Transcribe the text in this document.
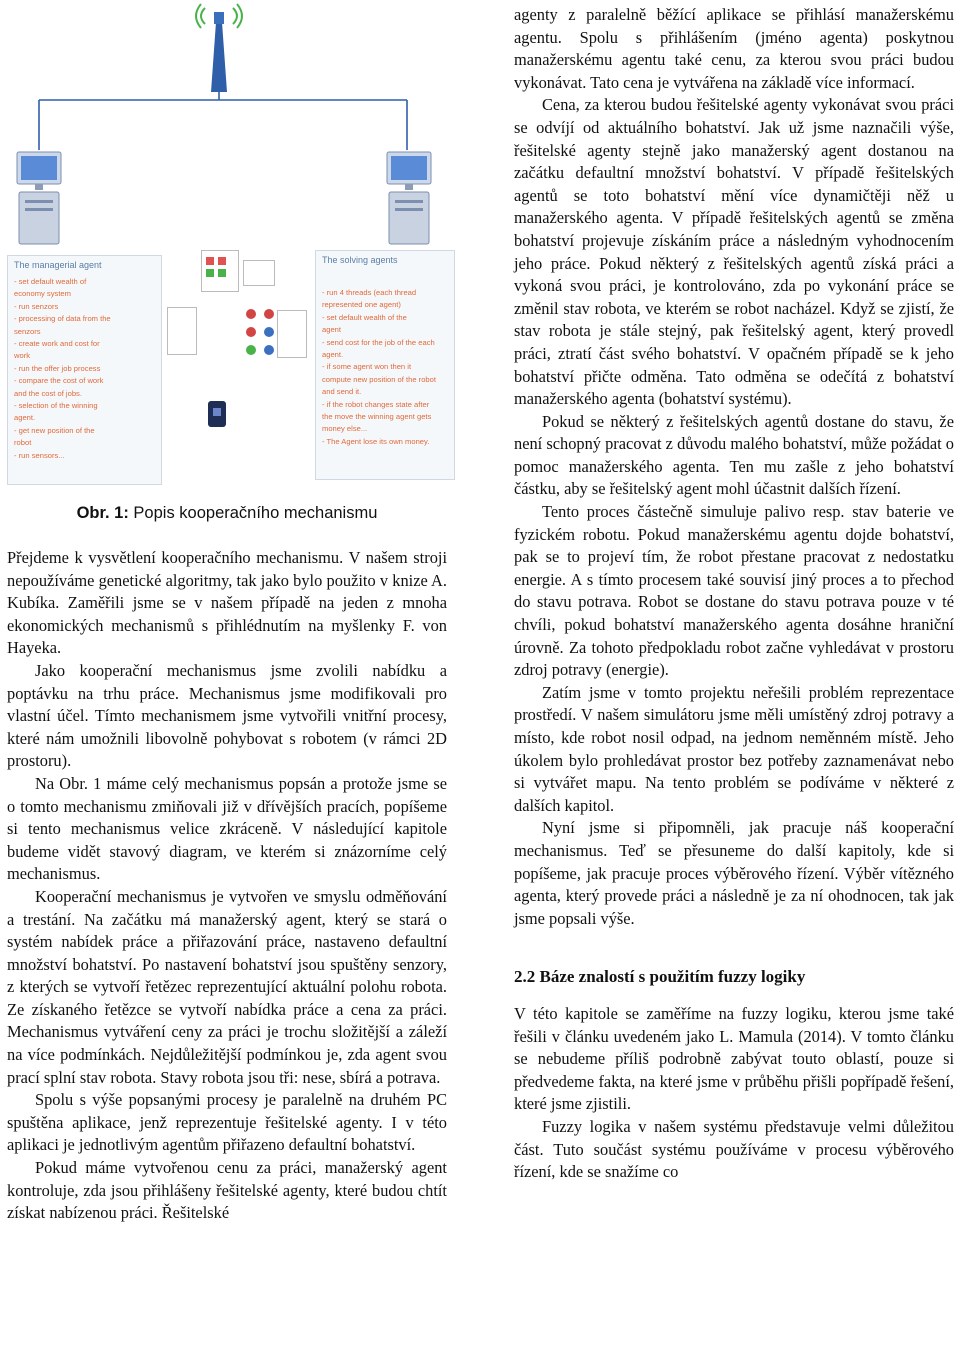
The managerial agent
- set default wealth of
economy system
- run senzors
- processing of data from the
senzors
- create work and cost for
work
- run the offer job process
- compare the cost of work
and the cost of jobs.
- selection of the winning
agent.
- get new position of the
robot
- run sensors...
The solving agents
- run 4 threads (each thread
represented one agent)
- set default wealth of the
agent
- send cost for the job of the each
agent.
- if some agent won then it
compute new position of the robot
and send it.
- if the robot changes state after
the move the winning agent gets
money else...
- The Agent lose its own money.
Obr. 1: Popis kooperačního mechanismu

Přejdeme k vysvětlení kooperačního mechanismu. V našem stroji nepoužíváme genetické algoritmy, tak jako bylo použito v knize A. Kubíka. Zaměřili jsme se v našem případě na jeden z mnoha ekonomických mechanismů s přihlédnutím na myšlenky F. von Hayeka.

Jako kooperační mechanismus jsme zvolili nabídku a poptávku na trhu práce. Mechanismus jsme modifikovali pro vlastní účel. Tímto mechanismem jsme vytvořili vnitřní procesy, které nám umožnili libovolně pohybovat s robotem (v rámci 2D prostoru).

Na Obr. 1 máme celý mechanismus popsán a protože jsme se o tomto mechanismu zmiňovali již v dřívějších pracích, popíšeme si tento mechanismus velice zkráceně. V následující kapitole budeme vidět stavový diagram, ve kterém si znázorníme celý mechanismus.

Kooperační mechanismus je vytvořen ve smyslu odměňování a trestání. Na začátku má manažerský agent, který se stará o systém nabídek práce a přiřazování práce, nastaveno defaultní množství bohatství. Po nastavení bohatství jsou spuštěny senzory, z kterých se vytvoří řetězec reprezentující aktuální polohu robota. Ze získaného řetězce se vytvoří nabídka práce a cena za práci. Mechanismus vytváření ceny za práci je trochu složitější a záleží na více podmínkách. Nejdůležitější podmínkou je, zda agent svou prací splní stav robota. Stavy robota jsou tři: nese, sbírá a potrava.

Spolu s výše popsanými procesy je paralelně na druhém PC spuštěna aplikace, jenž reprezentuje řešitelské agenty. I v této aplikaci je jednotlivým agentům přiřazeno defaultní bohatství.

Pokud máme vytvořenou cenu za práci, manažerský agent kontroluje, zda jsou přihlášeny řešitelské agenty, které budou chtít získat nabízenou práci. Řešitelské

agenty z paralelně běžící aplikace se přihlásí manažerskému agentu. Spolu s přihlášením (jméno agenta) poskytnou manažerskému agentu také cenu, za kterou svou práci budou vykonávat. Tato cena je vytvářena na základě více informací.

Cena, za kterou budou řešitelské agenty vykonávat svou práci se odvíjí od aktuálního bohatství. Jak už jsme naznačili výše, řešitelské agenty stejně jako manažerský agent dostanou na začátku defaultní množství bohatství. V případě řešitelských agentů se toto bohatství mění více dynamičtěji něž u manažerského agenta. V případě řešitelských agentů se změna bohatství projevuje získáním práce a následným vyhodnocením jeho práce. Pokud některý z řešitelských agentů získá práci a vykoná svou práci, je kontrolováno, zda po vykonání práce se změnil stav robota, ve kterém se robot nacházel. Když se zjistí, že stav robota je stále stejný, pak řešitelský agent, který provedl práci, ztratí část svého bohatství. V opačném případě se k jeho bohatství přičte odměna. Tato odměna se odečítá z bohatství manažerského agenta (bohatství systému).

Pokud se některý z řešitelských agentů dostane do stavu, že není schopný pracovat z důvodu malého bohatství, může požádat o pomoc manažerského agenta. Ten mu zašle z jeho bohatství částku, aby se řešitelský agent mohl účastnit dalších řízení.

Tento proces částečně simuluje palivo resp. stav baterie ve fyzickém robotu. Pokud manažerskému agentu dojde bohatství, pak se to projeví tím, že robot přestane pracovat z nedostatku energie. A s tímto procesem také souvisí jiný proces a to přechod do stavu potrava. Robot se dostane do stavu potrava pouze v té chvíli, pokud bohatství manažerského agenta dosáhne hraniční úrovně. Za tohoto předpokladu robot začne vyhledávat v prostoru zdroj potravy (energie).

Zatím jsme v tomto projektu neřešili problém reprezentace prostředí. V našem simulátoru jsme měli umístěný zdroj potravy a místo, kde robot nosil odpad, na jednom neměnném místě. Jeho úkolem bylo prohledávat prostor bez potřeby zaznamenávat nebo si vytvářet mapu. Na tento problém se podíváme v některé z dalších kapitol.

Nyní jsme si připomněli, jak pracuje náš kooperační mechanismus. Teď se přesuneme do další kapitoly, kde si popíšeme, jak pracuje proces výběrového řízení. Výběr vítězného agenta, který provede práci a následně je za ní ohodnocen, tak jak jsme popsali výše.

2.2 Báze znalostí s použitím fuzzy logiky

V této kapitole se zaměříme na fuzzy logiku, kterou jsme také řešili v článku uvedeném jako L. Mamula (2014). V tomto článku se nebudeme příliš podrobně zabývat touto oblastí, pouze si předvedeme fakta, na které jsme v průběhu přišli popřípadě řešení, které jsme zjistili.

Fuzzy logika v našem systému představuje velmi důležitou část. Tuto součást systému používáme v procesu výběrového řízení, kde se snažíme co
